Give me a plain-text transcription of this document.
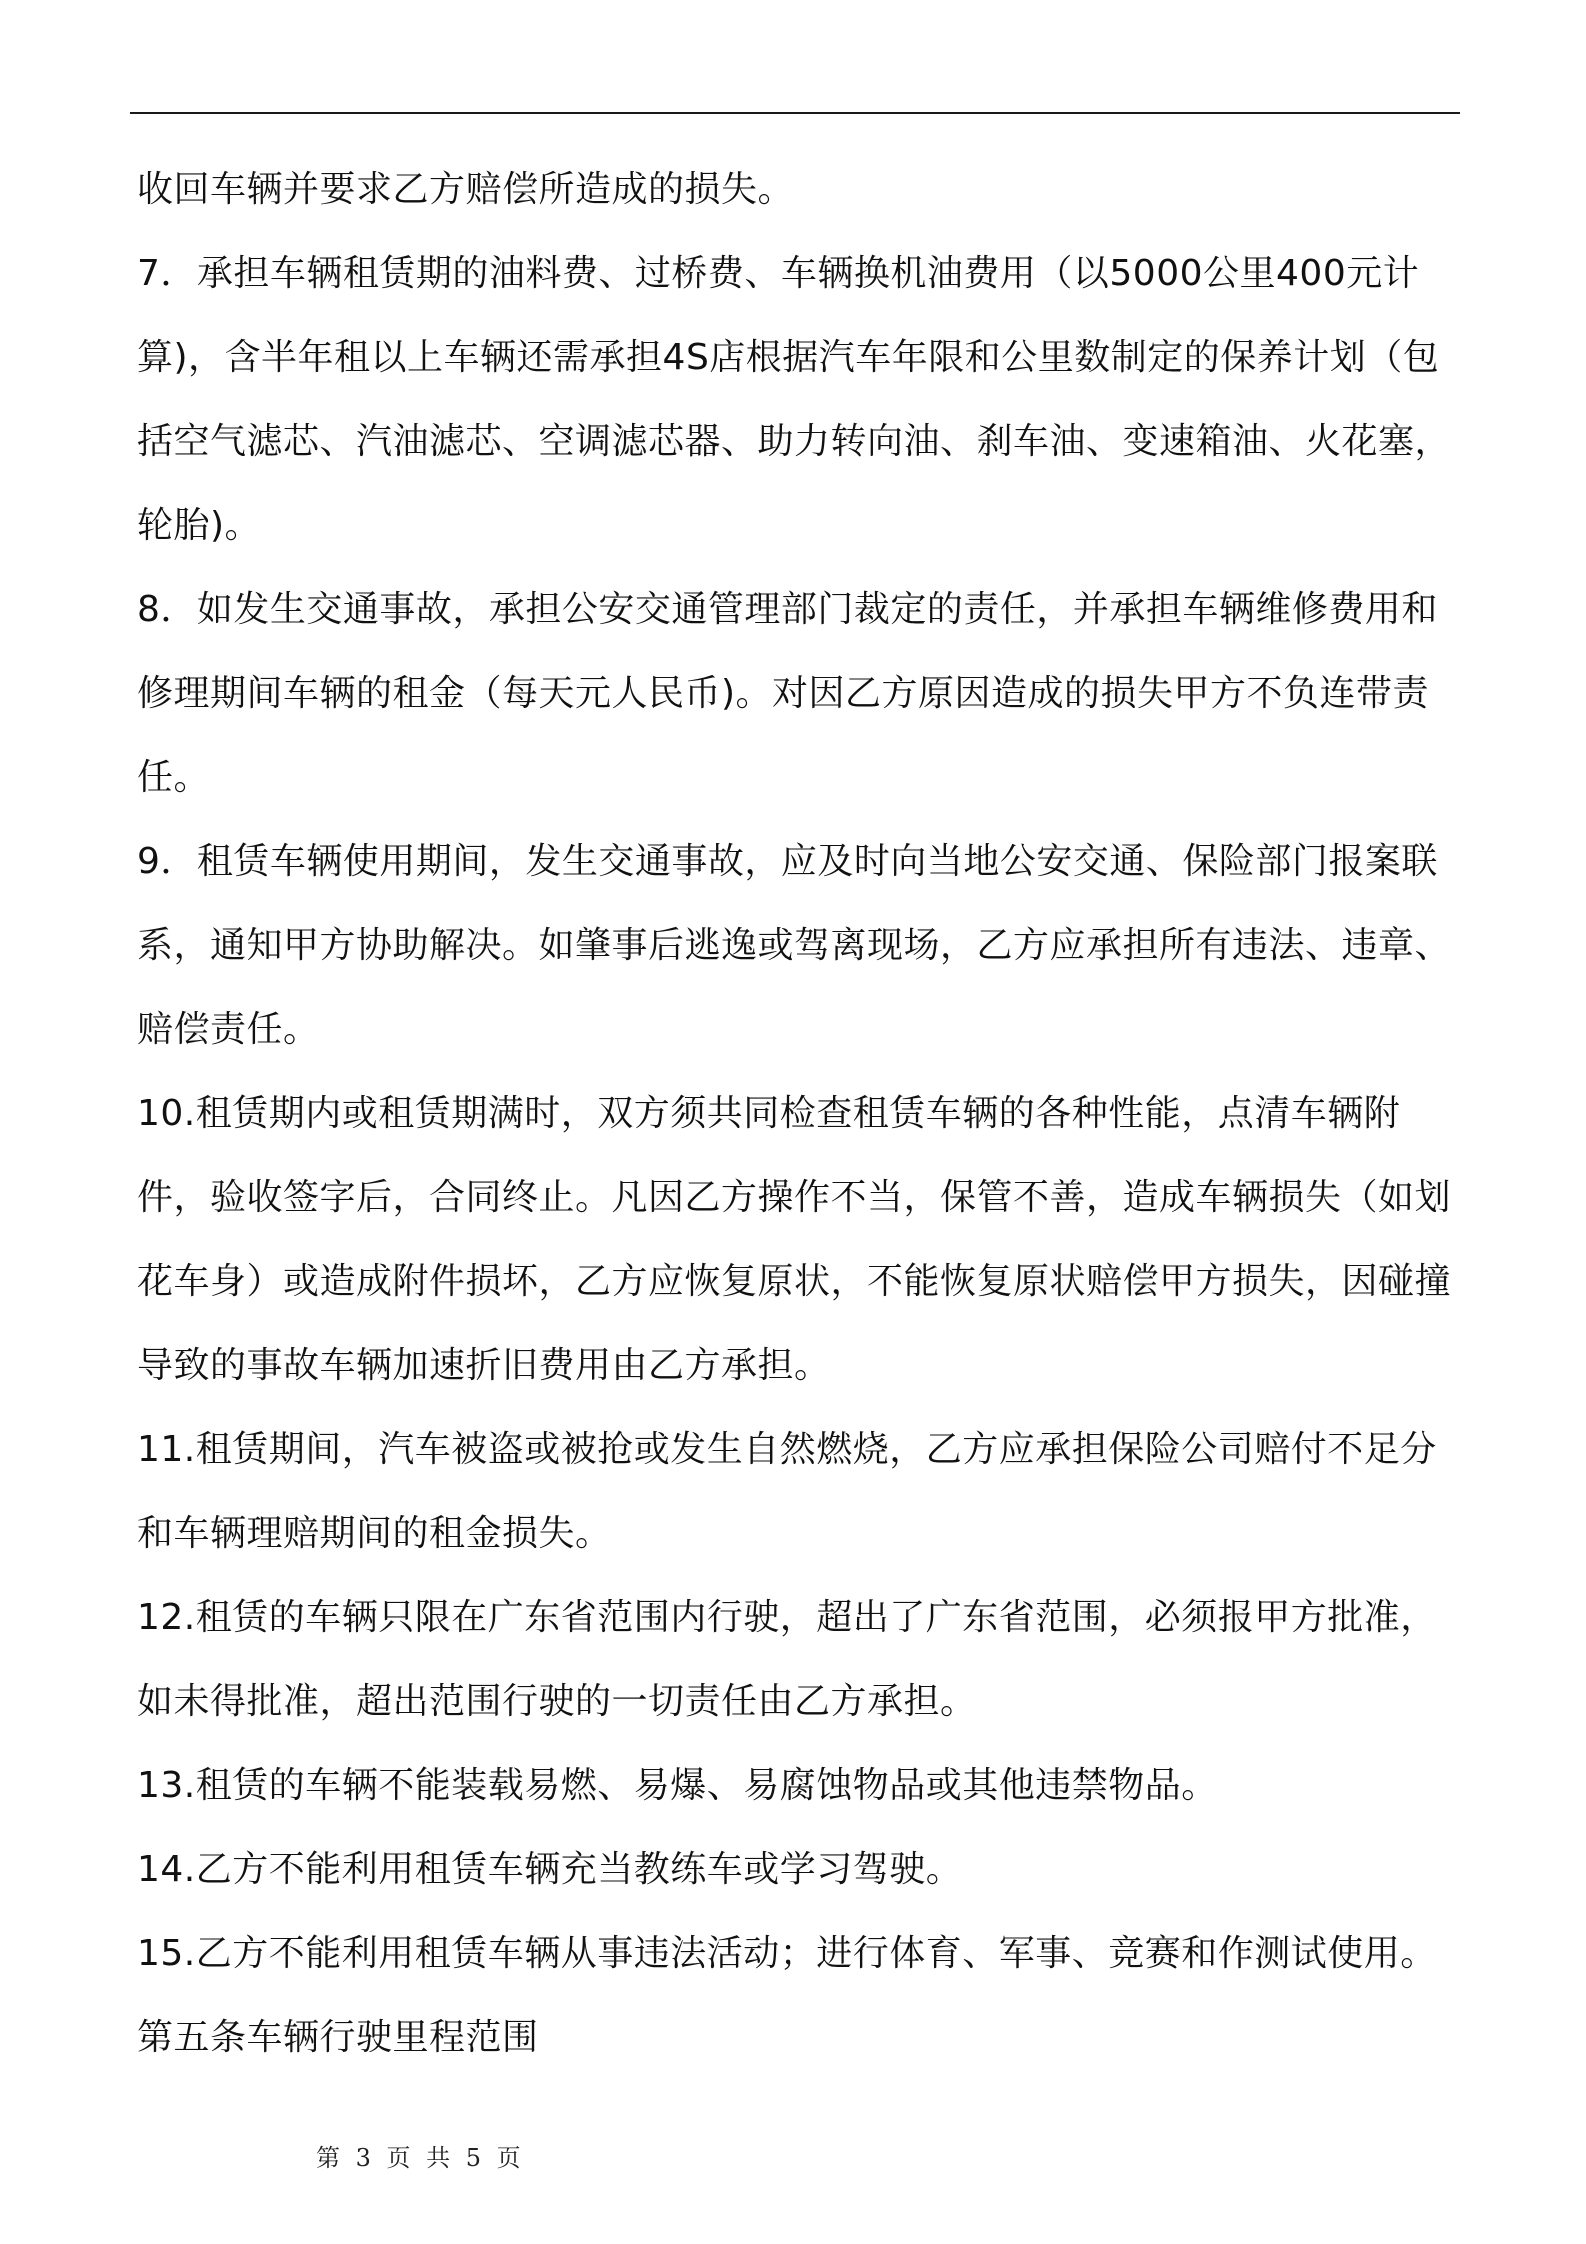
收回车辆并要求乙方赔偿所造成的损失。

7．承担车辆租赁期的油料费、过桥费、车辆换机油费用（以5000公里400元计算)，含半年租以上车辆还需承担4S店根据汽车年限和公里数制定的保养计划（包括空气滤芯、汽油滤芯、空调滤芯器、助力转向油、刹车油、变速箱油、火花塞，轮胎)。

8．如发生交通事故，承担公安交通管理部门裁定的责任，并承担车辆维修费用和修理期间车辆的租金（每天元人民币)。对因乙方原因造成的损失甲方不负连带责任。

9．租赁车辆使用期间，发生交通事故，应及时向当地公安交通、保险部门报案联系，通知甲方协助解决。如肇事后逃逸或驾离现场，乙方应承担所有违法、违章、赔偿责任。

10.租赁期内或租赁期满时，双方须共同检查租赁车辆的各种性能，点清车辆附件，验收签字后，合同终止。凡因乙方操作不当，保管不善，造成车辆损失（如划花车身）或造成附件损坏，乙方应恢复原状，不能恢复原状赔偿甲方损失，因碰撞导致的事故车辆加速折旧费用由乙方承担。

11.租赁期间，汽车被盗或被抢或发生自然燃烧，乙方应承担保险公司赔付不足分和车辆理赔期间的租金损失。

12.租赁的车辆只限在广东省范围内行驶，超出了广东省范围，必须报甲方批准，如未得批准，超出范围行驶的一切责任由乙方承担。

13.租赁的车辆不能装载易燃、易爆、易腐蚀物品或其他违禁物品。

14.乙方不能利用租赁车辆充当教练车或学习驾驶。

15.乙方不能利用租赁车辆从事违法活动；进行体育、军事、竞赛和作测试使用。

第五条车辆行驶里程范围

第 3 页 共 5 页
